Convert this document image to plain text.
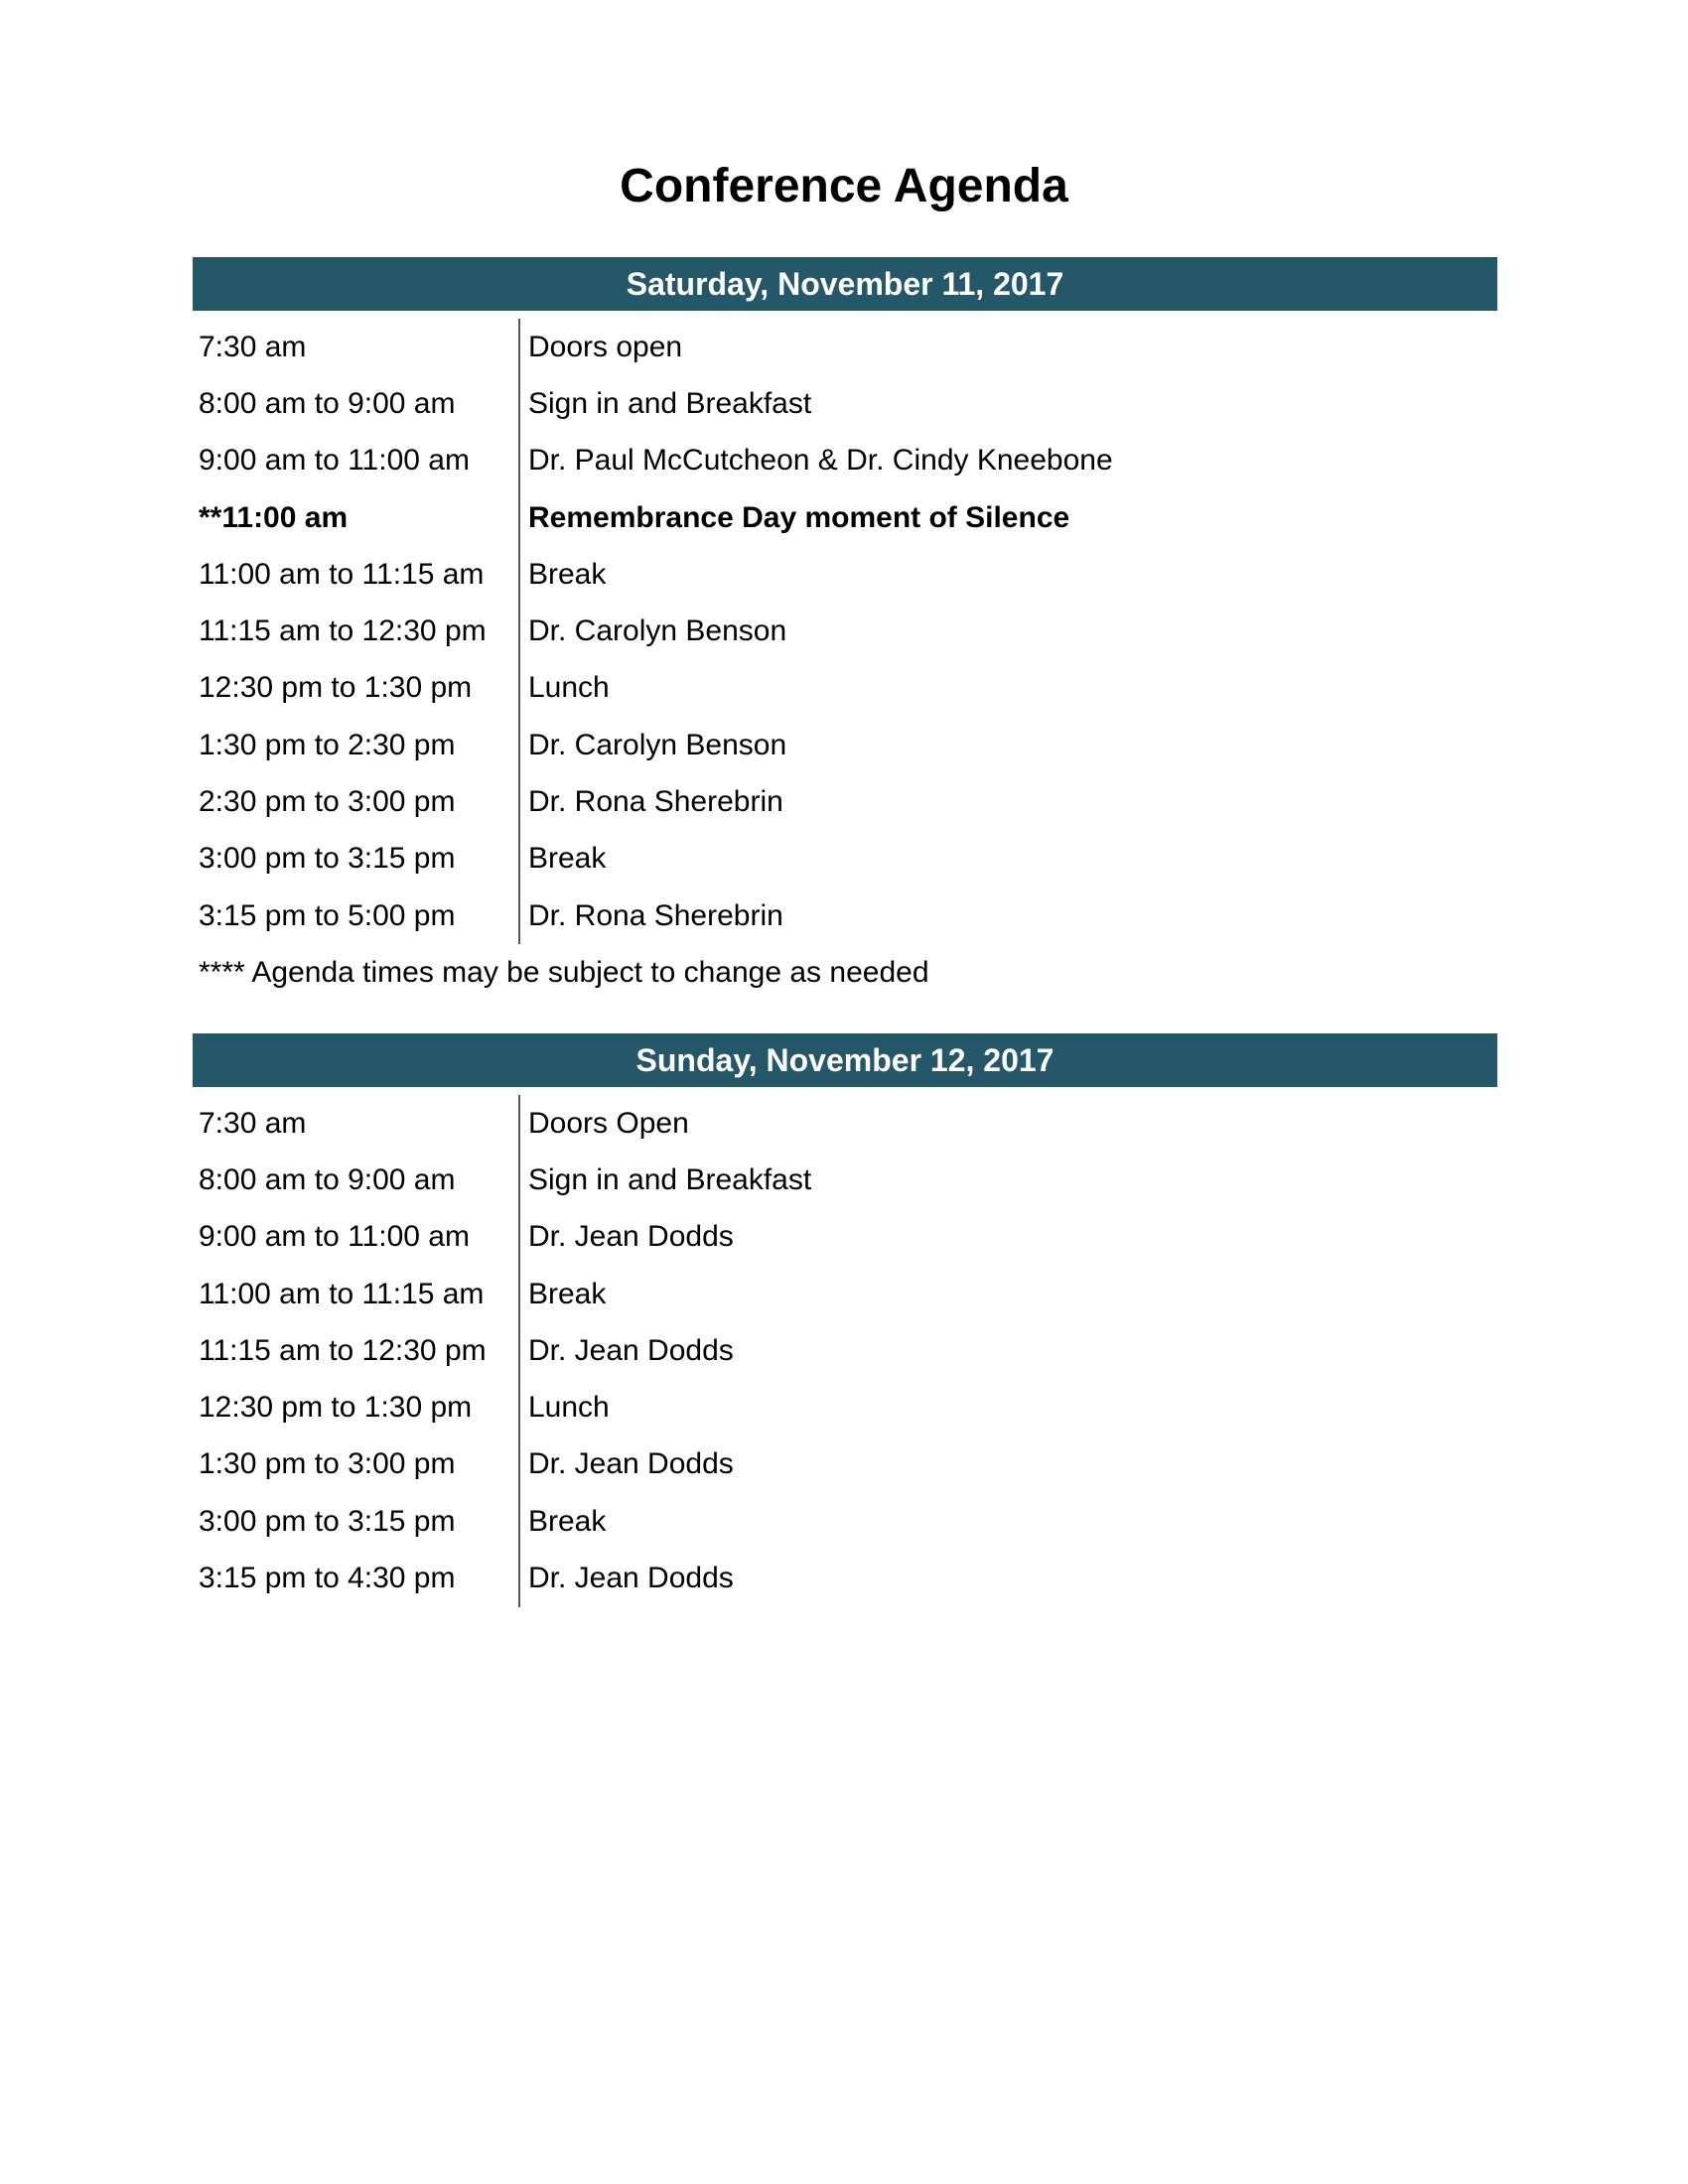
Conference Agenda
Saturday, November 11, 2017
7:30 am	Doors open
8:00 am to 9:00 am	Sign in and Breakfast
9:00 am to 11:00 am	Dr. Paul McCutcheon & Dr. Cindy Kneebone
**11:00 am	Remembrance Day moment of Silence
11:00 am to 11:15 am	Break
11:15 am to 12:30 pm	Dr. Carolyn Benson
12:30 pm to 1:30 pm	Lunch
1:30 pm to 2:30 pm	Dr. Carolyn Benson
2:30 pm to 3:00 pm	Dr. Rona Sherebrin
3:00 pm to 3:15 pm	Break
3:15 pm to 5:00 pm	Dr. Rona Sherebrin
**** Agenda times may be subject to change as needed
Sunday, November 12, 2017
7:30 am	Doors Open
8:00 am to 9:00 am	Sign in and Breakfast
9:00 am to 11:00 am	Dr. Jean Dodds
11:00 am to 11:15 am	Break
11:15 am to 12:30 pm	Dr. Jean Dodds
12:30 pm to 1:30 pm	Lunch
1:30 pm to 3:00 pm	Dr. Jean Dodds
3:00 pm to 3:15 pm	Break
3:15 pm to 4:30 pm	Dr. Jean Dodds
